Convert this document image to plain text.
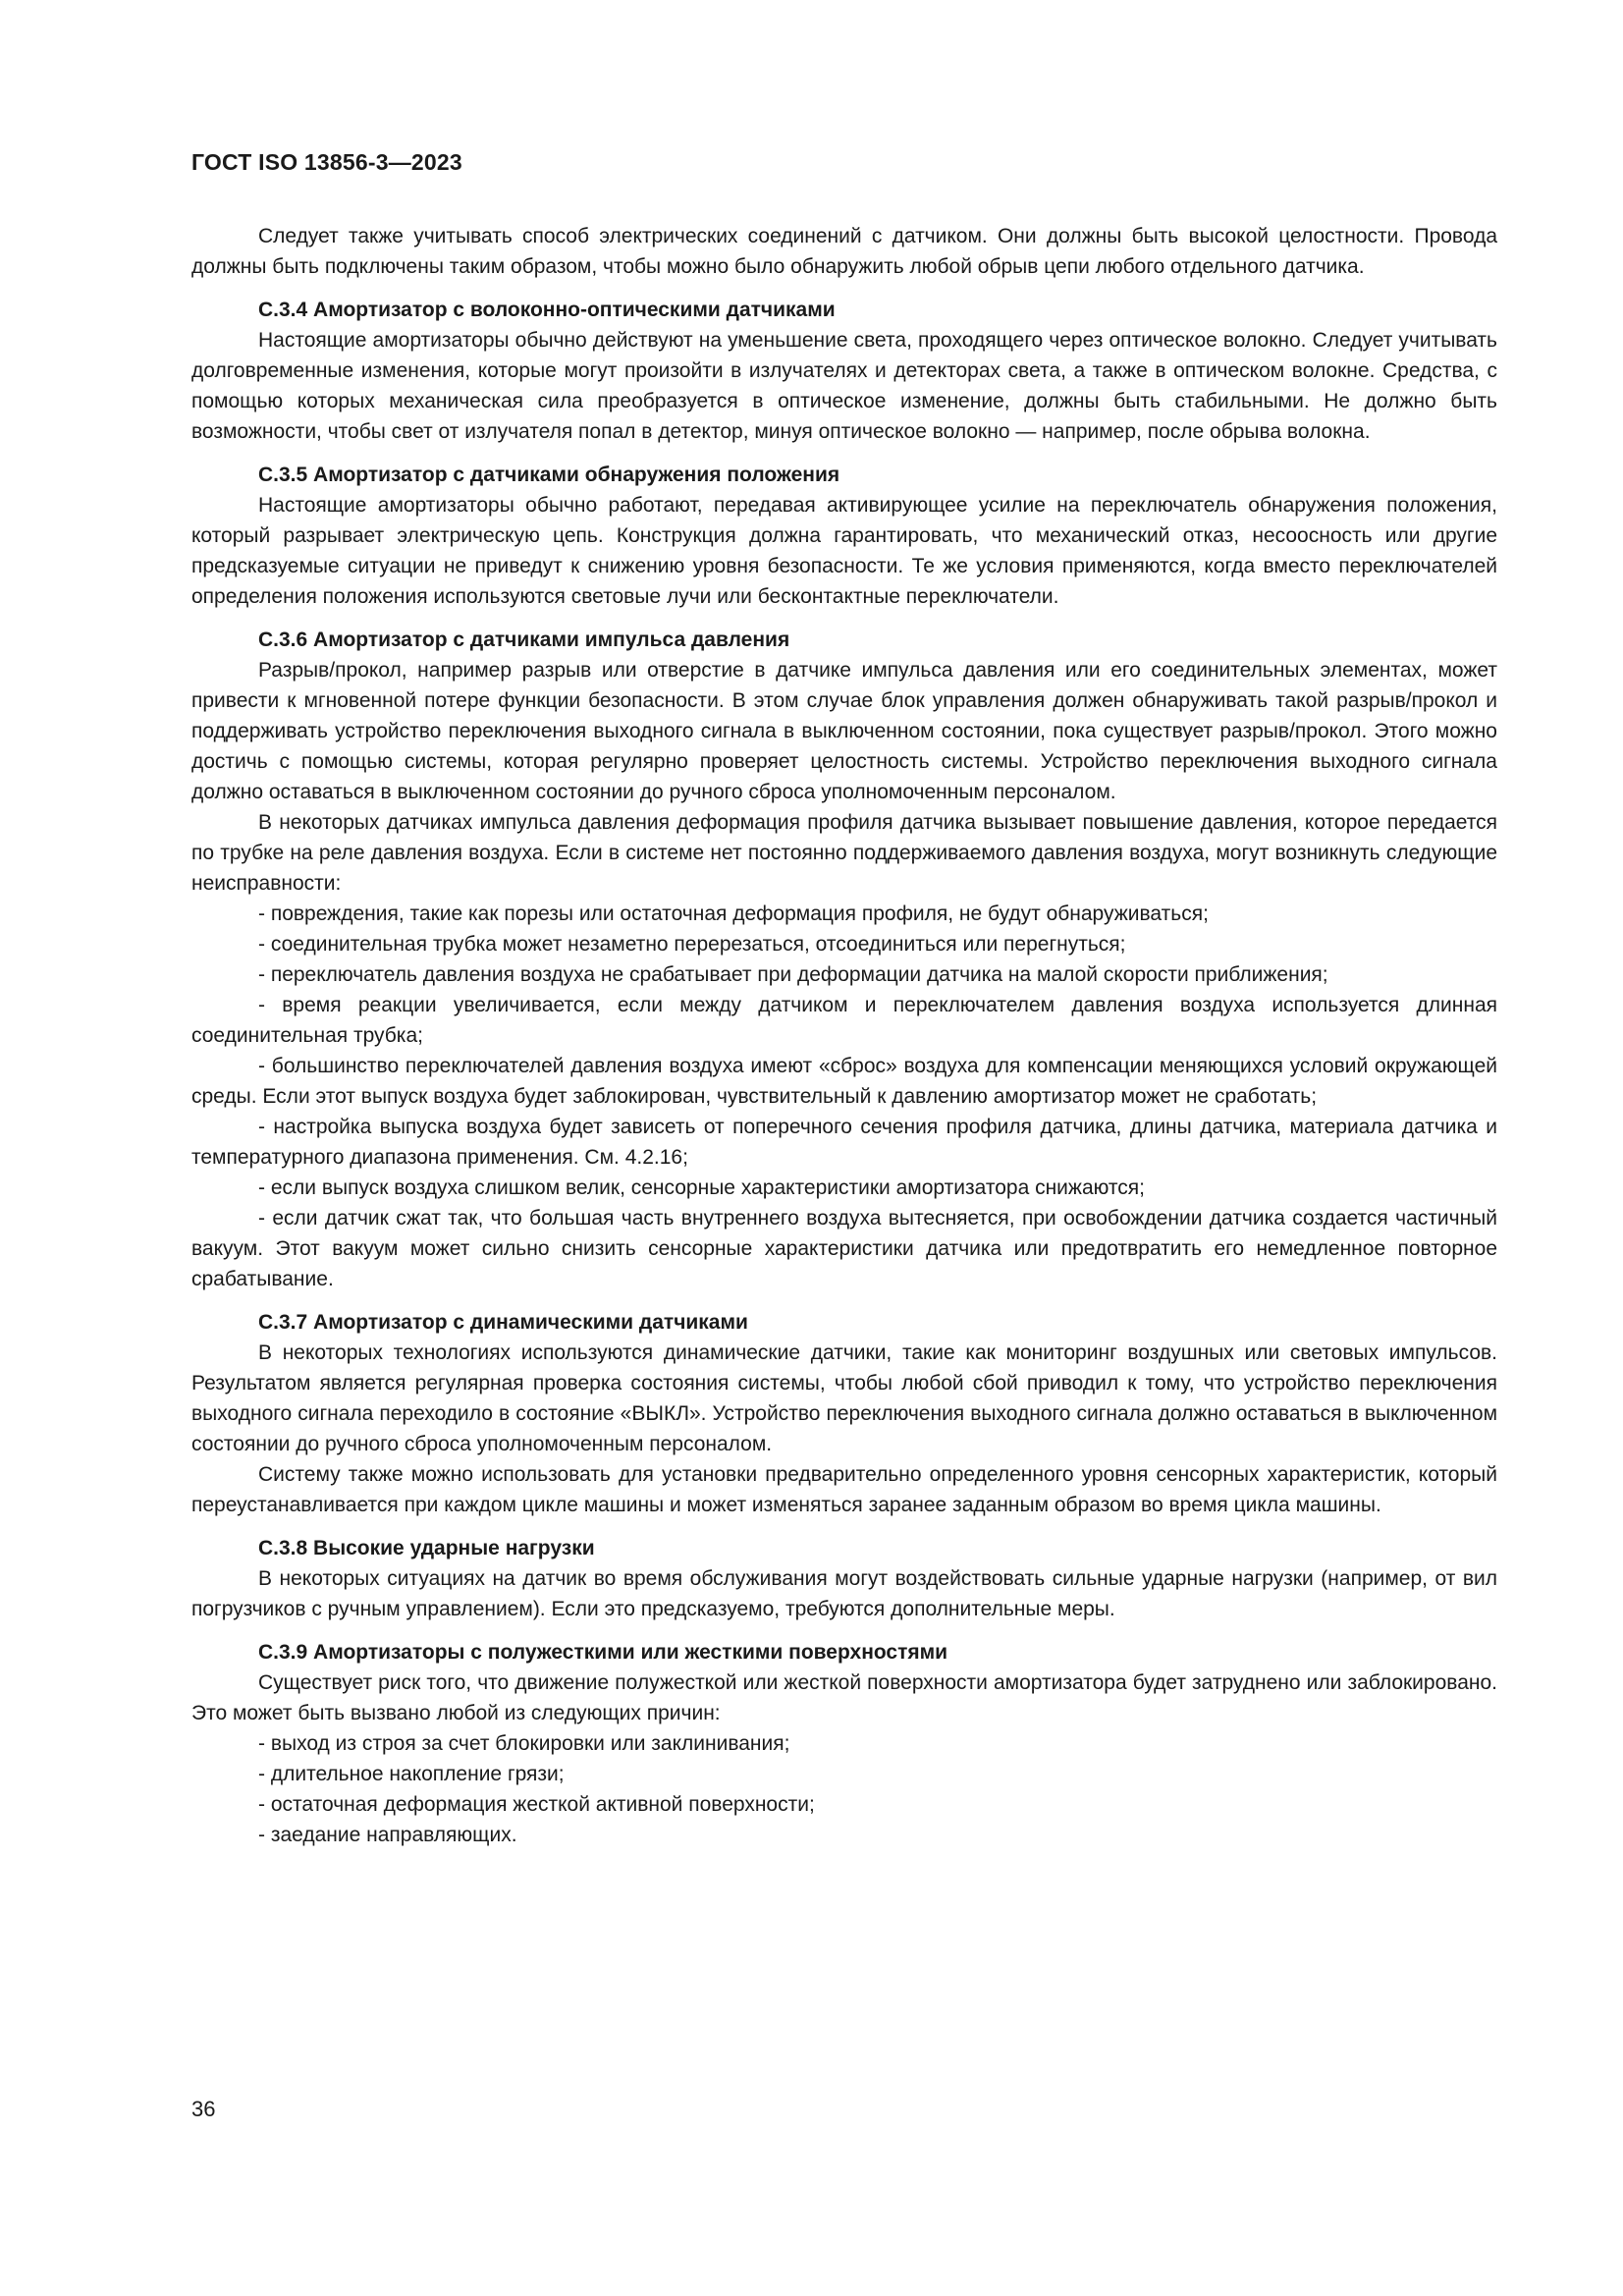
ГОСТ ISO 13856-3—2023

Следует также учитывать способ электрических соединений с датчиком. Они должны быть высокой целостности. Провода должны быть подключены таким образом, чтобы можно было обнаружить любой обрыв цепи любого отдельного датчика.

С.3.4 Амортизатор с волоконно-оптическими датчиками

Настоящие амортизаторы обычно действуют на уменьшение света, проходящего через оптическое волокно. Следует учитывать долговременные изменения, которые могут произойти в излучателях и детекторах света, а также в оптическом волокне. Средства, с помощью которых механическая сила преобразуется в оптическое изменение, должны быть стабильными. Не должно быть возможности, чтобы свет от излучателя попал в детектор, минуя оптическое волокно — например, после обрыва волокна.

С.3.5 Амортизатор с датчиками обнаружения положения

Настоящие амортизаторы обычно работают, передавая активирующее усилие на переключатель обнаружения положения, который разрывает электрическую цепь. Конструкция должна гарантировать, что механический отказ, несоосность или другие предсказуемые ситуации не приведут к снижению уровня безопасности. Те же условия применяются, когда вместо переключателей определения положения используются световые лучи или бесконтактные переключатели.

С.3.6 Амортизатор с датчиками импульса давления

Разрыв/прокол, например разрыв или отверстие в датчике импульса давления или его соединительных элементах, может привести к мгновенной потере функции безопасности. В этом случае блок управления должен обнаруживать такой разрыв/прокол и поддерживать устройство переключения выходного сигнала в выключенном состоянии, пока существует разрыв/прокол. Этого можно достичь с помощью системы, которая регулярно проверяет целостность системы. Устройство переключения выходного сигнала должно оставаться в выключенном состоянии до ручного сброса уполномоченным персоналом.

В некоторых датчиках импульса давления деформация профиля датчика вызывает повышение давления, которое передается по трубке на реле давления воздуха. Если в системе нет постоянно поддерживаемого давления воздуха, могут возникнуть следующие неисправности:

- повреждения, такие как порезы или остаточная деформация профиля, не будут обнаруживаться;

- соединительная трубка может незаметно перерезаться, отсоединиться или перегнуться;

- переключатель давления воздуха не срабатывает при деформации датчика на малой скорости приближения;

- время реакции увеличивается, если между датчиком и переключателем давления воздуха используется длинная соединительная трубка;

- большинство переключателей давления воздуха имеют «сброс» воздуха для компенсации меняющихся условий окружающей среды. Если этот выпуск воздуха будет заблокирован, чувствительный к давлению амортизатор может не сработать;

- настройка выпуска воздуха будет зависеть от поперечного сечения профиля датчика, длины датчика, материала датчика и температурного диапазона применения. См. 4.2.16;

- если выпуск воздуха слишком велик, сенсорные характеристики амортизатора снижаются;

- если датчик сжат так, что большая часть внутреннего воздуха вытесняется, при освобождении датчика создается частичный вакуум. Этот вакуум может сильно снизить сенсорные характеристики датчика или предотвратить его немедленное повторное срабатывание.

С.3.7 Амортизатор с динамическими датчиками

В некоторых технологиях используются динамические датчики, такие как мониторинг воздушных или световых импульсов. Результатом является регулярная проверка состояния системы, чтобы любой сбой приводил к тому, что устройство переключения выходного сигнала переходило в состояние «ВЫКЛ». Устройство переключения выходного сигнала должно оставаться в выключенном состоянии до ручного сброса уполномоченным персоналом.

Систему также можно использовать для установки предварительно определенного уровня сенсорных характеристик, который переустанавливается при каждом цикле машины и может изменяться заранее заданным образом во время цикла машины.

С.3.8 Высокие ударные нагрузки

В некоторых ситуациях на датчик во время обслуживания могут воздействовать сильные ударные нагрузки (например, от вил погрузчиков с ручным управлением). Если это предсказуемо, требуются дополнительные меры.

С.3.9 Амортизаторы с полужесткими или жесткими поверхностями

Существует риск того, что движение полужесткой или жесткой поверхности амортизатора будет затруднено или заблокировано. Это может быть вызвано любой из следующих причин:

- выход из строя за счет блокировки или заклинивания;

- длительное накопление грязи;

- остаточная деформация жесткой активной поверхности;

- заедание направляющих.

36
